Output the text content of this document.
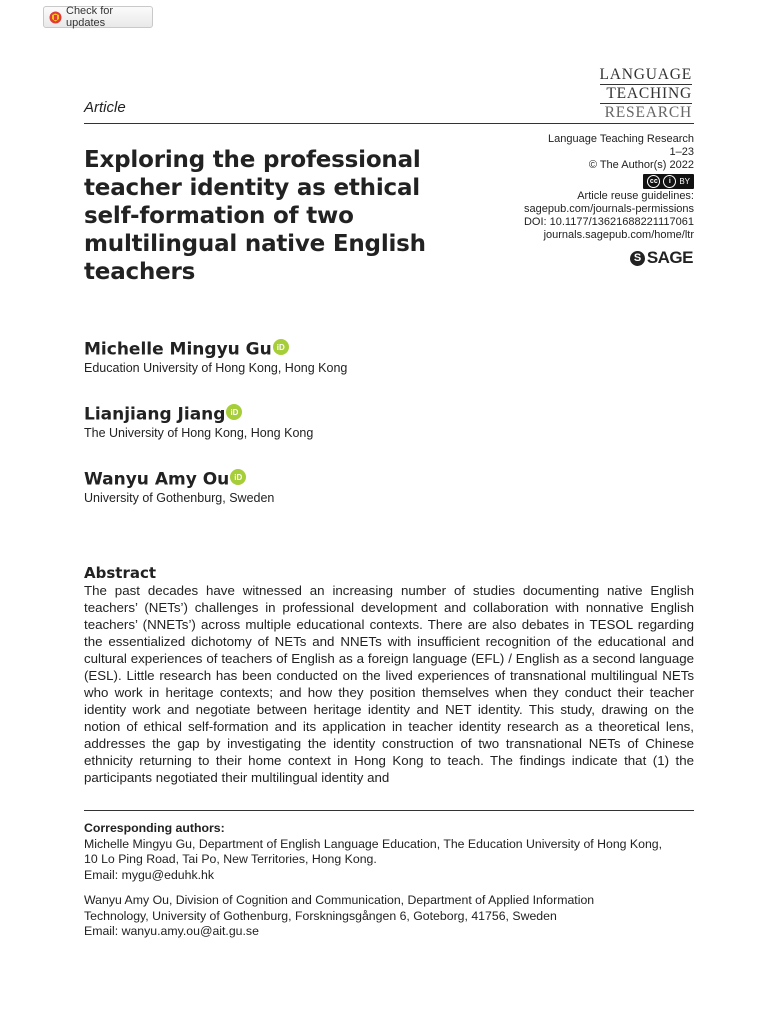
Check for updates
LANGUAGE
TEACHING
RESEARCH
Article
Exploring the professional teacher identity as ethical self-formation of two multilingual native English teachers
Language Teaching Research
1–23
© The Author(s) 2022
cc	i	BY
Article reuse guidelines:
sagepub.com/journals-permissions
DOI: 10.1177/13621688221117061
journals.sagepub.com/home/ltr
S SAGE
Michelle Mingyu Gu iD
Education University of Hong Kong, Hong Kong
Lianjiang Jiang iD
The University of Hong Kong, Hong Kong
Wanyu Amy Ou iD
University of Gothenburg, Sweden
Abstract
The past decades have witnessed an increasing number of studies documenting native English teachers’ (NETs’) challenges in professional development and collaboration with nonnative English teachers’ (NNETs’) across multiple educational contexts. There are also debates in TESOL regarding the essentialized dichotomy of NETs and NNETs with insufficient recognition of the educational and cultural experiences of teachers of English as a foreign language (EFL) / English as a second language (ESL). Little research has been conducted on the lived experiences of transnational multilingual NETs who work in heritage contexts; and how they position themselves when they conduct their teacher identity work and negotiate between heritage identity and NET identity. This study, drawing on the notion of ethical self-formation and its application in teacher identity research as a theoretical lens, addresses the gap by investigating the identity construction of two transnational NETs of Chinese ethnicity returning to their home context in Hong Kong to teach. The findings indicate that (1) the participants negotiated their multilingual identity and

Corresponding authors:

Michelle Mingyu Gu, Department of English Language Education, The Education University of Hong Kong,

10 Lo Ping Road, Tai Po, New Territories, Hong Kong.

Email: mygu@eduhk.hk

Wanyu Amy Ou, Division of Cognition and Communication, Department of Applied Information

Technology, University of Gothenburg, Forskningsgången 6, Goteborg, 41756, Sweden

Email: wanyu.amy.ou@ait.gu.se
